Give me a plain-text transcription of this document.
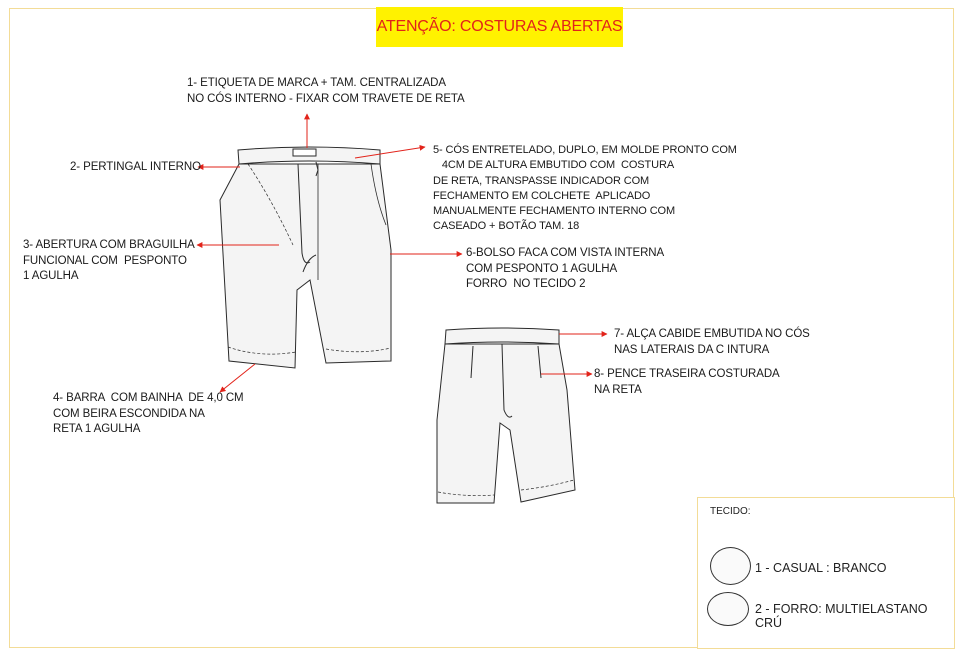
ATENÇÃO: COSTURAS ABERTAS
1- ETIQUETA DE MARCA + TAM. CENTRALIZADA
NO CÓS INTERNO - FIXAR COM TRAVETE DE RETA
2- PERTINGAL INTERNO
3- ABERTURA COM BRAGUILHA
FUNCIONAL COM  PESPONTO
1 AGULHA
4- BARRA  COM BAINHA  DE 4,0 CM
COM BEIRA ESCONDIDA NA
RETA 1 AGULHA
5- CÓS ENTRETELADO, DUPLO, EM MOLDE PRONTO COM
4CM DE ALTURA EMBUTIDO COM  COSTURA
DE RETA, TRANSPASSE INDICADOR COM
FECHAMENTO EM COLCHETE  APLICADO
MANUALMENTE FECHAMENTO INTERNO COM
CASEADO + BOTÃO TAM. 18
6-BOLSO FACA COM VISTA INTERNA
COM PESPONTO 1 AGULHA
FORRO  NO TECIDO 2
7- ALÇA CABIDE EMBUTIDA NO CÓS
NAS LATERAIS DA C INTURA
8- PENCE TRASEIRA COSTURADA
NA RETA
TECIDO:
1 - CASUAL : BRANCO
2 - FORRO: MULTIELASTANO
CRÚ
